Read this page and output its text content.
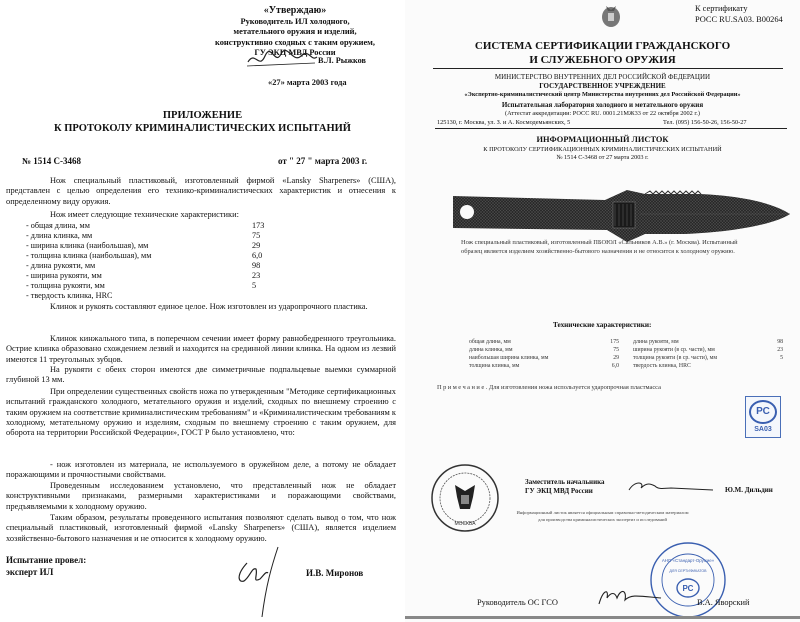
«Утверждаю»
Руководитель ИЛ холодного,
метательного оружия и изделий,
конструктивно сходных с таким оружием,
ГУ ЭКЦ МВД России
В.Л. Рыжков
«27» марта 2003 года
ПРИЛОЖЕНИЕ
К ПРОТОКОЛУ КРИМИНАЛИСТИЧЕСКИХ ИСПЫТАНИЙ
№ 1514 С-3468	от " 27 " марта 2003 г.
Нож специальный пластиковый, изготовленный фирмой «Lansky Sharpeners» (США), представлен с целью определения его технико-криминалистических характеристик и отнесения к определенному виду оружия.
Нож имеет следующие технические характеристики:
- общая длина, мм	173
- длина клинка, мм	75
- ширина клинка (наибольшая), мм	29
- толщина клинка (наибольшая), мм	6,0
- длина рукояти, мм	98
- ширина рукояти, мм	23
- толщина рукояти, мм	5
- твердость клинка, HRC
Клинок и рукоять составляют единое целое. Нож изготовлен из ударопрочного пластика.
Клинок кинжального типа, в поперечном сечении имеет форму равнобедренного треугольника. Острие клинка образовано схождением лезвий и находится на срединной линии клинка. На одном из лезвий имеются 11 треугольных зубцов.
На рукояти с обеих сторон имеются две симметричные подпальцевые выемки суммарной глубиной 13 мм.
При определении существенных свойств ножа по утвержденным "Методике сертификационных испытаний гражданского холодного, метательного оружия и изделий, сходных по внешнему строению с таким оружием на соответствие криминалистическим требованиям" и «Криминалистическим требованиям к холодному, метательному оружию и изделиям, сходным по внешнему строению с таким оружием, для оборота на территории Российской Федерации», ГОСТ Р было установлено, что:
- нож изготовлен из материала, не используемого в оружейном деле, а потому не обладает поражающими и прочностными свойствами.
Проведенным исследованием установлено, что представленный нож не обладает конструктивными признаками, размерными характеристиками и поражающими свойствами, предъявляемыми к холодному оружию.
Таким образом, результаты проведенного испытания позволяют сделать вывод о том, что нож специальный пластиковый, изготовленный фирмой «Lansky Sharpeners» (США), является изделием хозяйственно-бытового назначения и не относится к холодному оружию.
Испытание провел:
эксперт ИЛ	И.В. Миронов
К сертификату
РОСС RU.SA03. B00264
СИСТЕМА СЕРТИФИКАЦИИ ГРАЖДАНСКОГО
И СЛУЖЕБНОГО ОРУЖИЯ
МИНИСТЕРСТВО ВНУТРЕННИХ ДЕЛ РОССИЙСКОЙ ФЕДЕРАЦИИ
ГОСУДАРСТВЕННОЕ УЧРЕЖДЕНИЕ
«Экспертно-криминалистический центр Министерства внутренних дел Российской Федерации»
Испытательная лаборатория холодного и метательного оружия
(Аттестат аккредитации: РОСС RU. 0001.21МЖ33 от 22 октября 2002 г.)
125130, г. Москва, ул. З. и А. Космодемьянских, 5	Тел. (095) 156-50-26, 156-50-27
ИНФОРМАЦИОННЫЙ ЛИСТОК
К ПРОТОКОЛУ СЕРТИФИКАЦИОННЫХ КРИМИНАЛИСТИЧЕСКИХ ИСПЫТАНИЙ
№ 1514 С-3468 от 27 марта 2003 г.
Нож специальный пластиковый, изготовленный ПБОЮЛ «Сальников А.В.» (г. Москва). Испытанный
образец является изделием хозяйственно-бытового назначения и не относится к холодному оружию.
Технические характеристики:
общая длина, мм	175
длина клинка, мм	75
наибольшая ширина клинка, мм	29
толщина клинка, мм	6,0
длина рукояти, мм	98
ширина рукояти (в ср. части), мм	23
толщина рукояти (в ср. части), мм	5
твердость клинка, HRC
Примечание. Для изготовления ножа используется ударопрочная пластмасса
РС
SA03
МОСКВА
Заместитель начальника
ГУ ЭКЦ МВД России	Ю.М. Дильдин
Информационный листок является официальным справочно-методическим материалом
для производства криминалистических экспертиз и исследований
РС
ДЛЯ СЕРТИФИКАТОВ
АНО «Стандарт-Оружие»
Руководитель ОС ГСО	В.А. Яворский
